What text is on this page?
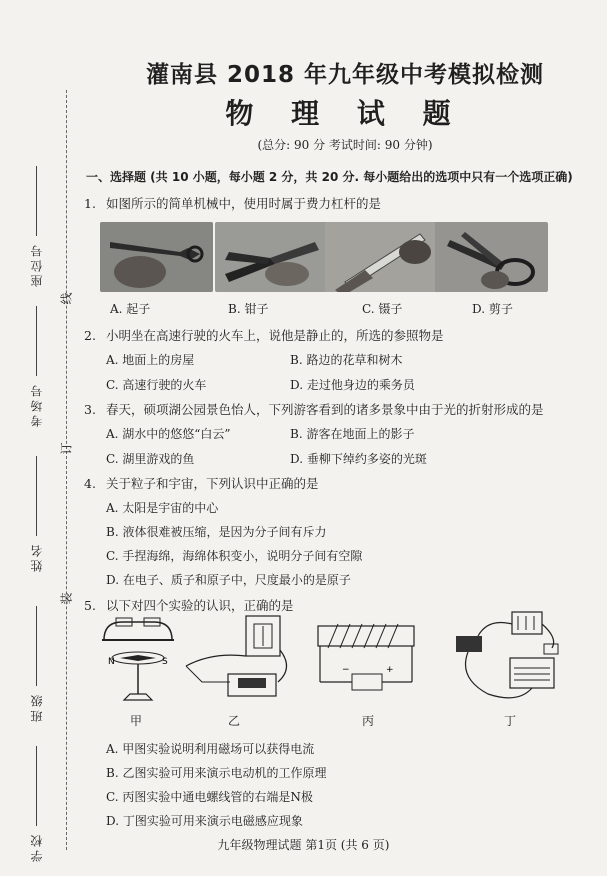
座位号
考场号
姓名
班级
学校
线
订
装
灌南县 2018 年九年级中考模拟检测
物 理 试 题
(总分: 90 分 考试时间: 90 分钟)
一、选择题 (共 10 小题，每小题 2 分，共 20 分. 每小题给出的选项中只有一个选项正确)
1. 如图所示的简单机械中，使用时属于费力杠杆的是
A. 起子	B. 钳子	C. 镊子	D. 剪子
2. 小明坐在高速行驶的火车上，说他是静止的，所选的参照物是
A. 地面上的房屋	B. 路边的花草和树木
C. 高速行驶的火车	D. 走过他身边的乘务员
3. 春天，硕项湖公园景色怡人，下列游客看到的诸多景象中由于光的折射形成的是
A. 湖水中的悠悠“白云”	B. 游客在地面上的影子
C. 湖里游戏的鱼	D. 垂柳下绰约多姿的光斑
4. 关于粒子和宇宙，下列认识中正确的是
A. 太阳是宇宙的中心
B. 液体很难被压缩，是因为分子间有斥力
C. 手捏海绵，海绵体积变小，说明分子间有空隙
D. 在电子、质子和原子中，尺度最小的是原子
5. 以下对四个实验的认识，正确的是
N	S
−	+
甲	乙	丙	丁
A. 甲图实验说明利用磁场可以获得电流
B. 乙图实验可用来演示电动机的工作原理
C. 丙图实验中通电螺线管的右端是N极
D. 丁图实验可用来演示电磁感应现象
九年级物理试题 第1页 (共 6 页)
